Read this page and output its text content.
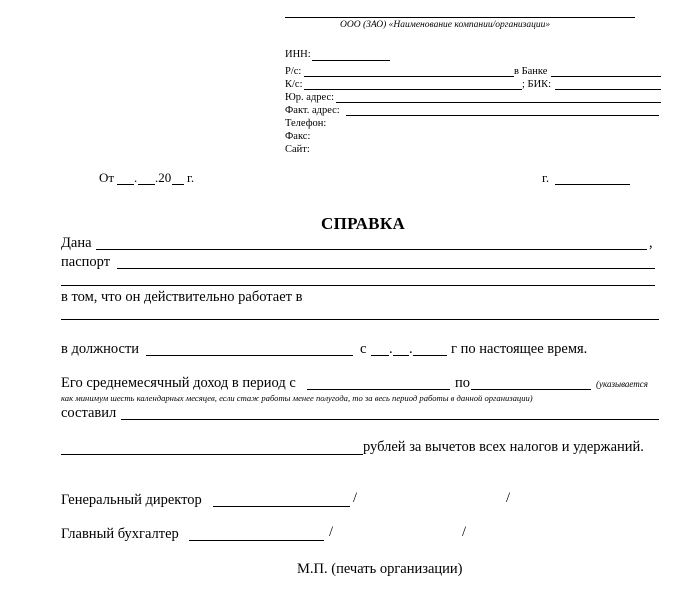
ООО (ЗАО) «Наименование компании/организации»
ИНН:
Р/с:	в Банке
К/с:	; БИК:
Юр. адрес:
Факт. адрес:
Телефон:
Факс:
Сайт:
От . .20 г.	г.
СПРАВКА
Дана	,
паспорт
в том, что он действительно работает в
в должности	с . .	г по настоящее время.
Его среднемесячный доход в период с	по	(указывается
как минимум шесть календарных месяцев, если стаж работы менее полугода, то за весь период работы в данной организации)
составил
рублей за вычетов всех налогов и удержаний.
Генеральный директор	/	/
Главный бухгалтер	/	/
М.П. (печать организации)
